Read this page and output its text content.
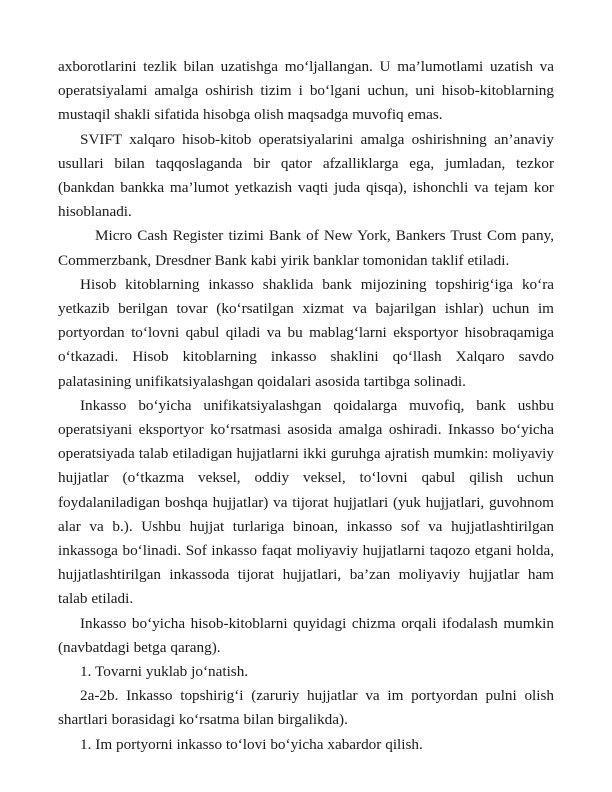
axborotlarini tezlik bilan uzatishga moʻljallangan. U ma’lumotlami uzatish va operatsiyalami amalga oshirish tizim i boʻlgani uchun, uni hisob-kitoblarning mustaqil shakli sifatida hisobga olish maqsadga muvofiq emas.

SVIFT xalqaro hisob-kitob operatsiyalarini amalga oshirishning an’anaviy usullari bilan taqqoslaganda bir qator afzalliklarga ega, jumladan, tezkor (bankdan bankka ma’lumot yetkazish vaqti juda qisqa), ishonchli va tejam kor hisoblanadi.

Micro Cash Register tizimi Bank of New York, Bankers Trust Com pany, Commerzbank, Dresdner Bank kabi yirik banklar tomonidan taklif etiladi.

Hisob kitoblarning inkasso shaklida bank mijozining topshirigʻiga koʻra yetkazib berilgan tovar (koʻrsatilgan xizmat va bajarilgan ishlar) uchun im portyordan toʻlovni qabul qiladi va bu mablagʻlarni eksportyor hisobraqamiga oʻtkazadi. Hisob kitoblarning inkasso shaklini qoʻllash Xalqaro savdo palatasining unifikatsiyalashgan qoidalari asosida tartibga solinadi.

Inkasso boʻyicha unifikatsiyalashgan qoidalarga muvofiq, bank ushbu operatsiyani eksportyor koʻrsatmasi asosida amalga oshiradi. Inkasso boʻyicha operatsiyada talab etiladigan hujjatlarni ikki guruhga ajratish mumkin: moliyaviy hujjatlar (oʻtkazma veksel, oddiy veksel, toʻlovni qabul qilish uchun foydalaniladigan boshqa hujjatlar) va tijorat hujjatlari (yuk hujjatlari, guvohnom alar va b.). Ushbu hujjat turlariga binoan, inkasso sof va hujjatlashtirilgan inkassoga boʻlinadi. Sof inkasso faqat moliyaviy hujjatlarni taqozo etgani holda, hujjatlashtirilgan inkassoda tijorat hujjatlari, ba’zan moliyaviy hujjatlar ham talab etiladi.

Inkasso boʻyicha hisob-kitoblarni quyidagi chizma orqali ifodalash mumkin (navbatdagi betga qarang).

1. Tovarni yuklab joʻnatish.

2a-2b. Inkasso topshirigʻi (zaruriy hujjatlar va im portyordan pulni olish shartlari borasidagi koʻrsatma bilan birgalikda).

1. Im portyorni inkasso toʻlovi boʻyicha xabardor qilish.
